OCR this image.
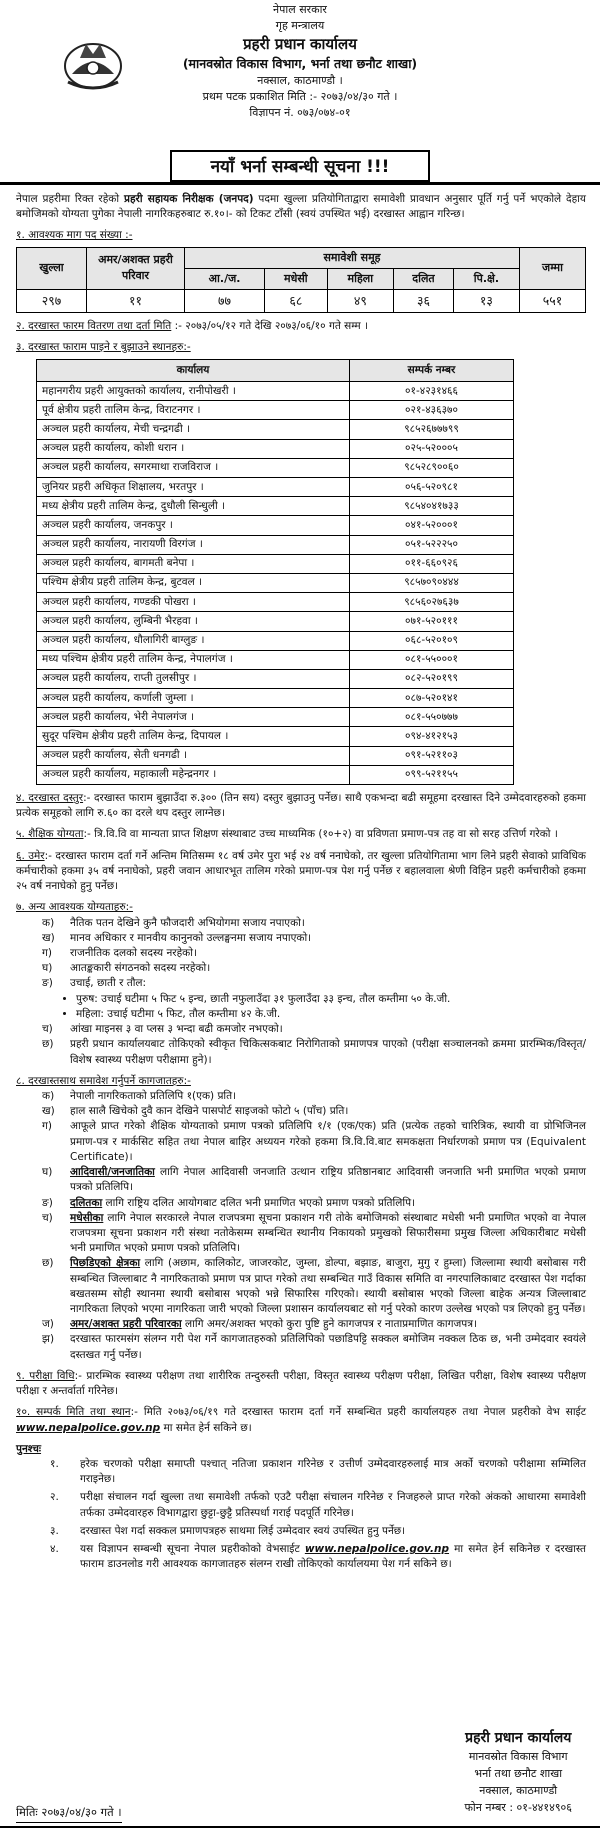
नेपाल सरकार
गृह मन्त्रालय
प्रहरी प्रधान कार्यालय
(मानवस्रोत विकास विभाग, भर्ना तथा छनौट शाखा)
नक्साल, काठमाण्डौ ।
प्रथम पटक प्रकाशित मिति :- २०७३/०४/३० गते ।
विज्ञापन नं. ०७३/०७४-०१
नयाँ भर्ना सम्बन्धी सूचना !!!

नेपाल प्रहरीमा रिक्त रहेको प्रहरी सहायक निरीक्षक (जनपद) पदमा खुल्ला प्रतियोगिताद्वारा समावेशी प्रावधान अनुसार पूर्ति गर्नु पर्ने भएकोले देहाय बमोजिमको योग्यता पुगेका नेपाली नागरिकहरुबाट रु.१०।- को टिकट टाँसी (स्वयं उपस्थित भई) दरखास्त आह्वान गरिन्छ।

१. आवश्यक माग पद संख्या :-
खुल्ला	अमर/अशक्त प्रहरी परिवार	समावेशी समूह					जम्मा
		आ./ज.	मधेसी	महिला	दलित	पि.क्षे.	
२९७	११	७७	६८	४९	३६	१३	५५१
२. दरखास्त फारम वितरण तथा दर्ता मिति :- २०७३/०५/१२ गते देखि २०७३/०६/१० गते सम्म ।
३. दरखास्त फाराम पाइने र बुझाउने स्थानहरु:-
कार्यालय	सम्पर्क नम्बर
महानगरीय प्रहरी आयुक्तको कार्यालय, रानीपोखरी ।	०१-४२३१४६६
पूर्व क्षेत्रीय प्रहरी तालिम केन्द्र, विराटनगर ।	०२१-४३६३७०
अञ्चल प्रहरी कार्यालय, मेची चन्द्रगढी ।	९८५२६७७७९९
अञ्चल प्रहरी कार्यालय, कोशी धरान ।	०२५-५२०००५
अञ्चल प्रहरी कार्यालय, सगरमाथा राजविराज ।	९८५२८९००६०
जुनियर प्रहरी अधिकृत शिक्षालय, भरतपुर ।	०५६-५२०९८१
मध्य क्षेत्रीय प्रहरी तालिम केन्द्र, दुधौली सिन्धुली ।	९८५४०४१७३३
अञ्चल प्रहरी कार्यालय, जनकपुर ।	०४१-५२०००१
अञ्चल प्रहरी कार्यालय, नारायणी विरगंज ।	०५१-५२२२५०
अञ्चल प्रहरी कार्यालय, बागमती बनेपा ।	०११-६६०९२६
पश्चिम क्षेत्रीय प्रहरी तालिम केन्द्र, बुटवल ।	९८५७०९०४४४
अञ्चल प्रहरी कार्यालय, गण्डकी पोखरा ।	९८५६०२७६३७
अञ्चल प्रहरी कार्यालय, लुम्बिनी भैरहवा ।	०७१-५२०१११
अञ्चल प्रहरी कार्यालय, धौलागिरी बाग्लुङ ।	०६८-५२०१०९
मध्य पश्चिम क्षेत्रीय प्रहरी तालिम केन्द्र, नेपालगंज ।	०८१-५५०००१
अञ्चल प्रहरी कार्यालय, राप्ती तुलसीपुर ।	०८२-५२०१९९
अञ्चल प्रहरी कार्यालय, कर्णाली जुम्ला ।	०८७-५२०१४१
अञ्चल प्रहरी कार्यालय, भेरी नेपालगंज ।	०८१-५५०७७७
सुदूर पश्चिम क्षेत्रीय प्रहरी तालिम केन्द्र, दिपायल ।	०९४-४१२१५३
अञ्चल प्रहरी कार्यालय, सेती धनगढी ।	०९१-५२११०३
अञ्चल प्रहरी कार्यालय, महाकाली महेन्द्रनगर ।	०९९-५२११५५
४. दरखास्त दस्तुर:- दरखास्त फाराम बुझाउँदा रु.३०० (तिन सय) दस्तुर बुझाउनु पर्नेछ। साथै एकभन्दा बढी समूहमा दरखास्त दिने उम्मेदवारहरुको हकमा प्रत्येक समूहको लागि रु.६० का दरले थप दस्तुर लाग्नेछ।
५. शैक्षिक योग्यता:- त्रि.वि.वि वा मान्यता प्राप्त शिक्षण संस्थाबाट उच्च माध्यमिक (१०+२) वा प्रविणता प्रमाण-पत्र तह वा सो सरह उत्तिर्ण गरेको ।
६. उमेर:- दरखास्त फाराम दर्ता गर्ने अन्तिम मितिसम्म १८ वर्ष उमेर पुरा भई २४ वर्ष ननाघेको, तर खुल्ला प्रतियोगितामा भाग लिने प्रहरी सेवाको प्राविधिक कर्मचारीको हकमा ३५ वर्ष ननाघेको, प्रहरी जवान आधारभूत तालिम गरेको प्रमाण-पत्र पेश गर्नु पर्नेछ र बहालवाला श्रेणी विहिन प्रहरी कर्मचारीको हकमा २५ वर्ष ननाघेको हुनु पर्नेछ।
७. अन्य आवश्यक योग्यताहरु:-
क)	नैतिक पतन देखिने कुनै फौजदारी अभियोगमा सजाय नपाएको।
ख)	मानव अधिकार र मानवीय कानुनको उल्लङ्घनमा सजाय नपाएको।
ग)	राजनीतिक दलको सदस्य नरहेको।
घ)	आतङ्ककारी संगठनको सदस्य नरहेको।
ङ)	उचाई, छाती र तौल:
• पुरुष: उचाई घटीमा ५ फिट ५ इन्च, छाती नफुलाउँदा ३१ फुलाउँदा ३३ इन्च, तौल कम्तीमा ५० के.जी.
• महिला: उचाई घटीमा ५ फिट, तौल कम्तीमा ४२ के.जी.
च)	आंखा माइनस ३ वा प्लस ३ भन्दा बढी कमजोर नभएको।
छ)	प्रहरी प्रधान कार्यालयबाट तोकिएको स्वीकृत चिकित्सकबाट निरोगिताको प्रमाणपत्र पाएको (परीक्षा सञ्चालनको क्रममा प्रारम्भिक/विस्तृत/विशेष स्वास्थ्य परीक्षण परीक्षामा हुने)।
८. दरखास्तसाथ समावेश गर्नुपर्ने कागजातहरु:-
क)	नेपाली नागरिकताको प्रतिलिपि १(एक) प्रति।
ख)	हाल सालै खिचेको दुवै कान देखिने पासपोर्ट साइजको फोटो ५ (पाँच) प्रति।
ग)	आफूले प्राप्त गरेको शैक्षिक योग्यताको प्रमाण पत्रको प्रतिलिपि १/१ (एक/एक) प्रति (प्रत्येक तहको चारित्रिक, स्थायी वा प्रोभिजिनल प्रमाण-पत्र र मार्कसिट सहित तथा नेपाल बाहिर अध्ययन गरेको हकमा त्रि.वि.वि.बाट समकक्षता निर्धारणको प्रमाण पत्र (Equivalent Certificate)।
घ)	आदिवासी/जनजातिका लागि नेपाल आदिवासी जनजाति उत्थान राष्ट्रिय प्रतिष्ठानबाट आदिवासी जनजाति भनी प्रमाणित भएको प्रमाण पत्रको प्रतिलिपि।
ङ)	दलितका लागि राष्ट्रिय दलित आयोगबाट दलित भनी प्रमाणित भएको प्रमाण पत्रको प्रतिलिपि।
च)	मधेसीका लागि नेपाल सरकारले नेपाल राजपत्रमा सूचना प्रकाशन गरी तोके बमोजिमको संस्थाबाट मधेसी भनी प्रमाणित भएको वा नेपाल राजपत्रमा सूचना प्रकाशन गरी संस्था नतोकेसम्म सम्बन्धित स्थानीय निकायको प्रमुखको सिफारीसमा प्रमुख जिल्ला अधिकारीबाट मधेसी भनी प्रमाणित भएको प्रमाण पत्रको प्रतिलिपि।
छ)	पिछडिएको क्षेत्रका लागि (अछाम, कालिकोट, जाजरकोट, जुम्ला, डोल्पा, बझाङ, बाजुरा, मुगु र हुम्ला) जिल्लामा स्थायी बसोबास गरी सम्बन्धित जिल्लाबाट नै नागरिकताको प्रमाण पत्र प्राप्त गरेको तथा सम्बन्धित गाउँ विकास समिति वा नगरपालिकाबाट दरखास्त पेश गर्दाका बखतसम्म सोही स्थानमा स्थायी बसोबास भएको भन्ने सिफारिस गरिएको। स्थायी बसोबास भएको जिल्ला बाहेक अन्यत्र जिल्लाबाट नागरिकता लिएको भएमा नागरिकता जारी भएको जिल्ला प्रशासन कार्यालयबाट सो गर्नु परेको कारण उल्लेख भएको पत्र लिएको हुनु पर्नेछ।
ज)	अमर/अशक्त प्रहरी परिवारका लागि अमर/अशक्त भएको कुरा पुष्टि हुने कागजपत्र र नाताप्रमाणित कागजपत्र।
झ)	दरखास्त फारमसंग संलग्न गरी पेश गर्ने कागजातहरुको प्रतिलिपिको पछाडिपट्टि सक्कल बमोजिम नक्कल ठिक छ, भनी उम्मेदवार स्वयंले दस्तखत गर्नु पर्नेछ।
९. परीक्षा विधि:- प्रारम्भिक स्वास्थ्य परीक्षण तथा शारीरिक तन्दुरुस्ती परीक्षा, विस्तृत स्वास्थ्य परीक्षण परीक्षा, लिखित परीक्षा, विशेष स्वास्थ्य परीक्षण परीक्षा र अन्तर्वार्ता गरिनेछ।
१०. सम्पर्क मिति तथा स्थान:- मिति २०७३/०६/१९ गते दरखास्त फाराम दर्ता गर्ने सम्बन्धित प्रहरी कार्यालयहरु तथा नेपाल प्रहरीको वेभ साईट www.nepalpolice.gov.np मा समेत हेर्न सकिने छ।
पुनश्चः
१.	हरेक चरणको परीक्षा समाप्ती पश्चात् नतिजा प्रकाशन गरिनेछ र उत्तीर्ण उम्मेदवारहरुलाई मात्र अर्को चरणको परीक्षामा सम्मिलित गराइनेछ।
२.	परीक्षा संचालन गर्दा खुल्ला तथा समावेशी तर्फको एउटै परीक्षा संचालन गरिनेछ र निजहरुले प्राप्त गरेको अंकको आधारमा समावेशी तर्फका उम्मेदवारहरु विभागद्वारा छुट्टा-छुट्टै प्रतिस्पर्धा गराई पदपूर्ति गरिनेछ।
३.	दरखास्त पेश गर्दा सक्कल प्रमाणपत्रहरु साथमा लिई उम्मेदवार स्वयं उपस्थित हुनु पर्नेछ।
४.	यस विज्ञापन सम्बन्धी सूचना नेपाल प्रहरीकोको वेभसाईट www.nepalpolice.gov.np मा समेत हेर्न सकिनेछ र दरखास्त फाराम डाउनलोड गरी आवश्यक कागजातहरु संलग्न राखी तोकिएको कार्यालयमा पेश गर्न सकिने छ।
प्रहरी प्रधान कार्यालय
मानवस्रोत विकास विभाग
भर्ना तथा छनौट शाखा
नक्साल, काठमाण्डौ
फोन नम्बर : ०१-४४१४९०६
मितिः २०७३/०४/३० गते ।
